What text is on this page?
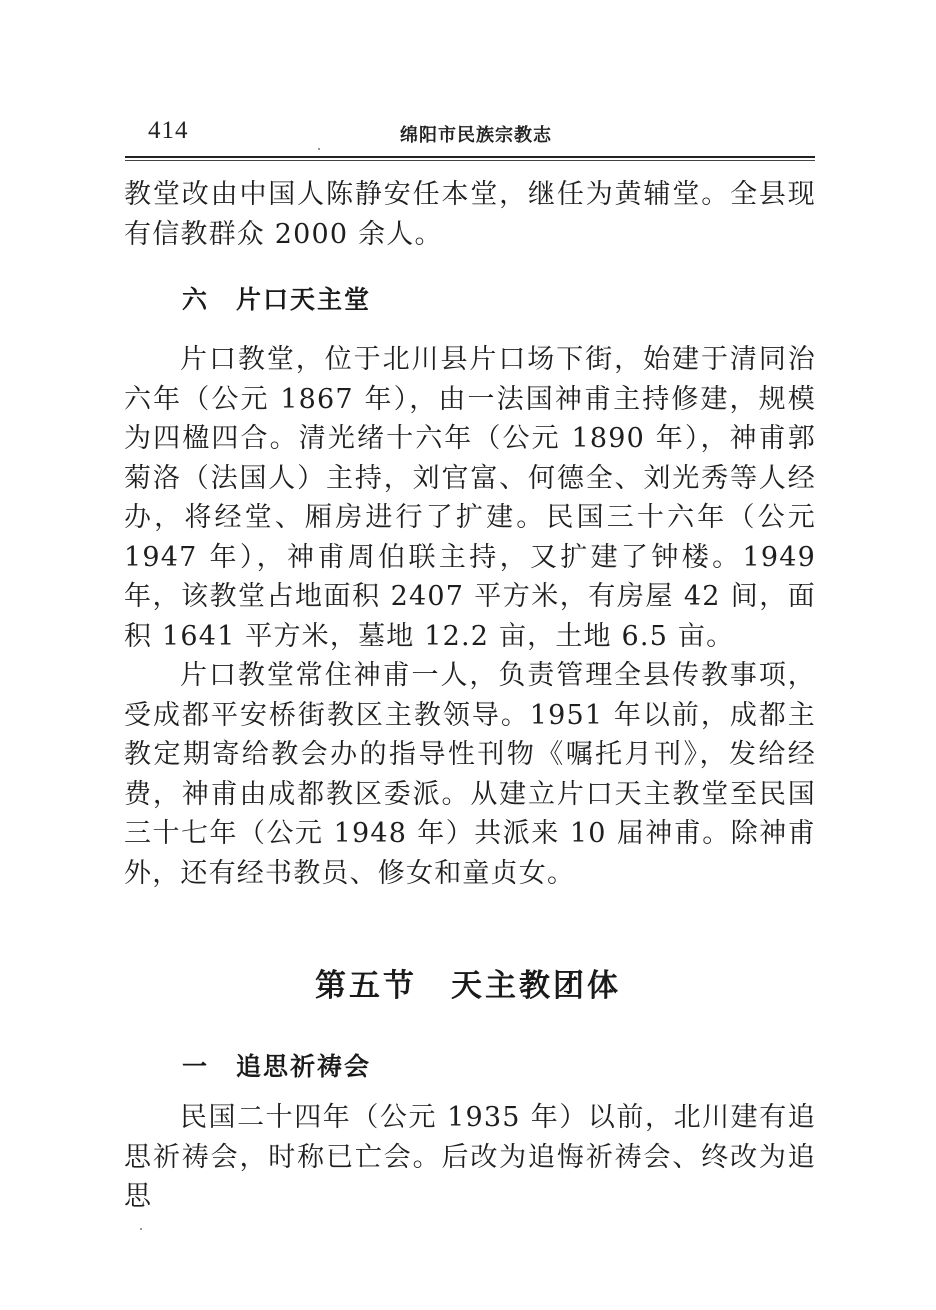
414	绵阳市民族宗教志

教堂改由中国人陈静安任本堂，继任为黄辅堂。全县现有信教群众 2000 余人。

六　片口天主堂

片口教堂，位于北川县片口场下街，始建于清同治六年（公元 1867 年），由一法国神甫主持修建，规模为四楹四合。清光绪十六年（公元 1890 年），神甫郭菊洛（法国人）主持，刘官富、何德全、刘光秀等人经办，将经堂、厢房进行了扩建。民国三十六年（公元 1947 年），神甫周伯联主持，又扩建了钟楼。1949 年，该教堂占地面积 2407 平方米，有房屋 42 间，面积 1641 平方米，墓地 12.2 亩，土地 6.5 亩。

片口教堂常住神甫一人，负责管理全县传教事项，受成都平安桥街教区主教领导。1951 年以前，成都主教定期寄给教会办的指导性刊物《嘱托月刊》，发给经费，神甫由成都教区委派。从建立片口天主教堂至民国三十七年（公元 1948 年）共派来 10 届神甫。除神甫外，还有经书教员、修女和童贞女。

第五节　天主教团体
一　追思祈祷会

民国二十四年（公元 1935 年）以前，北川建有追思祈祷会，时称已亡会。后改为追悔祈祷会、终改为追思
